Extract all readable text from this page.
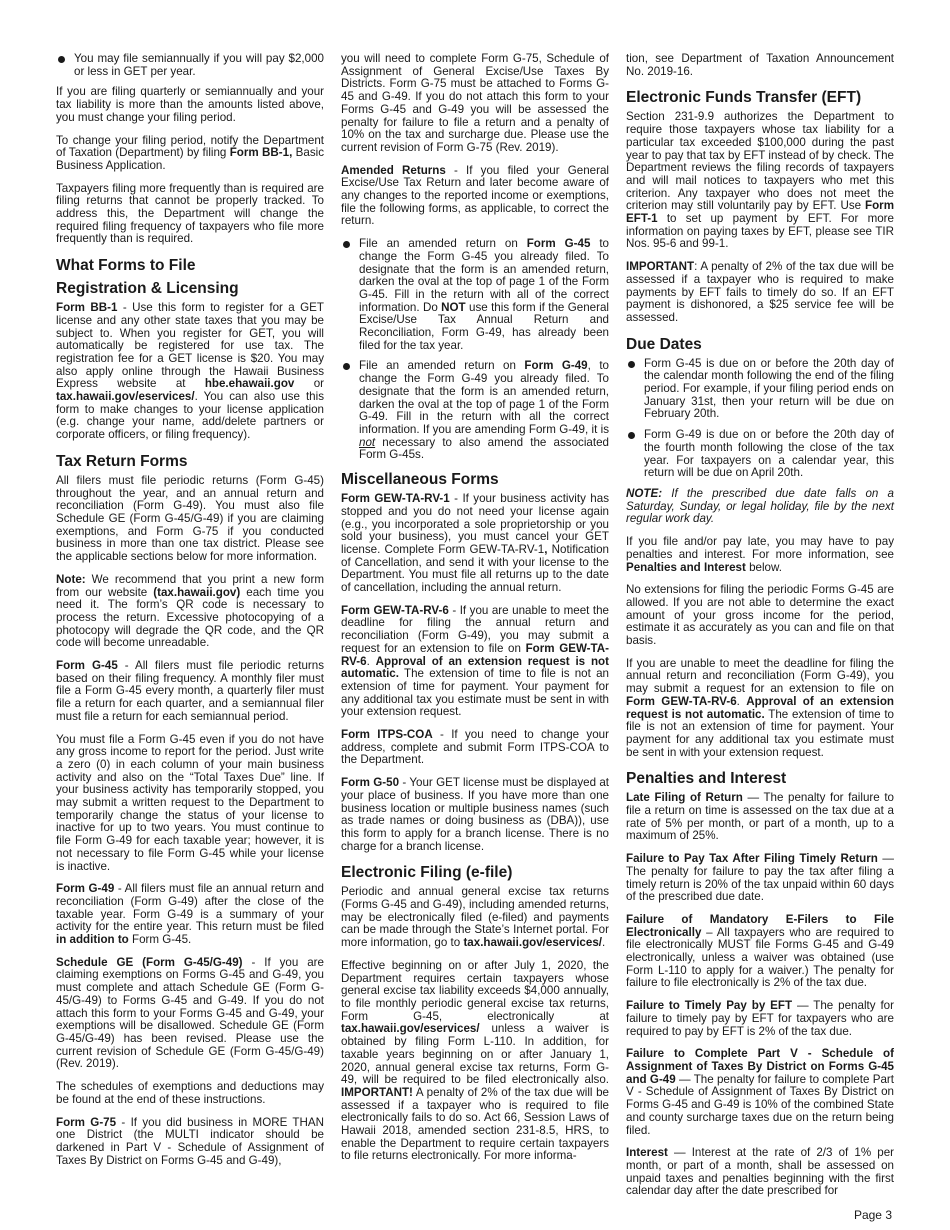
You may file semiannually if you will pay $2,000 or less in GET per year.

If you are filing quarterly or semiannually and your tax liability is more than the amounts listed above, you must change your filing period.

To change your filing period, notify the Department of Taxation (Department) by filing Form BB-1, Basic Business Application.

Taxpayers filing more frequently than is required are filing returns that cannot be properly tracked. To address this, the Department will change the required filing frequency of taxpayers who file more frequently than is required.

What Forms to File
Registration & Licensing

Form BB-1 - Use this form to register for a GET license and any other state taxes that you may be subject to. When you register for GET, you will automatically be registered for use tax. The registration fee for a GET license is $20. You may also apply online through the Hawaii Business Express website at hbe.ehawaii.gov or tax.hawaii.gov/eservices/. You can also use this form to make changes to your license application (e.g. change your name, add/delete partners or corporate officers, or filing frequency).

Tax Return Forms

All filers must file periodic returns (Form G-45) throughout the year, and an annual return and reconciliation (Form G-49). You must also file Schedule GE (Form G-45/G-49) if you are claiming exemptions, and Form G-75 if you conducted business in more than one tax district. Please see the applicable sections below for more information.

Note: We recommend that you print a new form from our website (tax.hawaii.gov) each time you need it. The form’s QR code is necessary to process the return. Excessive photocopying of a photocopy will degrade the QR code, and the QR code will become unreadable.

Form G-45 - All filers must file periodic returns based on their filing frequency. A monthly filer must file a Form G-45 every month, a quarterly filer must file a return for each quarter, and a semiannual filer must file a return for each semiannual period.

You must file a Form G-45 even if you do not have any gross income to report for the period. Just write a zero (0) in each column of your main business activity and also on the “Total Taxes Due” line. If your business activity has temporarily stopped, you may submit a written request to the Department to temporarily change the status of your license to inactive for up to two years. You must continue to file Form G-49 for each taxable year; however, it is not necessary to file Form G-45 while your license is inactive.

Form G-49 - All filers must file an annual return and reconciliation (Form G-49) after the close of the taxable year. Form G-49 is a summary of your activity for the entire year. This return must be filed in addition to Form G-45.

Schedule GE (Form G-45/G-49) - If you are claiming exemptions on Forms G-45 and G-49, you must complete and attach Schedule GE (Form G-45/G-49) to Forms G-45 and G-49. If you do not attach this form to your Forms G-45 and G-49, your exemptions will be disallowed. Schedule GE (Form G-45/G-49) has been revised. Please use the current revision of Schedule GE (Form G-45/G-49) (Rev. 2019).

The schedules of exemptions and deductions may be found at the end of these instructions.

Form G-75 - If you did business in MORE THAN one District (the MULTI indicator should be darkened in Part V - Schedule of Assignment of Taxes By District on Forms G-45 and G-49),

you will need to complete Form G-75, Schedule of Assignment of General Excise/Use Taxes By Districts. Form G-75 must be attached to Forms G-45 and G-49. If you do not attach this form to your Forms G-45 and G-49 you will be assessed the penalty for failure to file a return and a penalty of 10% on the tax and surcharge due. Please use the current revision of Form G-75 (Rev. 2019).

Amended Returns - If you filed your General Excise/Use Tax Return and later become aware of any changes to the reported income or exemptions, file the following forms, as applicable, to correct the return.

File an amended return on Form G-45 to change the Form G-45 you already filed. To designate that the form is an amended return, darken the oval at the top of page 1 of the Form G-45. Fill in the return with all of the correct information. Do NOT use this form if the General Excise/Use Tax Annual Return and Reconciliation, Form G-49, has already been filed for the tax year.
File an amended return on Form G-49, to change the Form G-49 you already filed. To designate that the form is an amended return, darken the oval at the top of page 1 of the Form G-49. Fill in the return with all the correct information. If you are amending Form G-49, it is not necessary to also amend the associated Form G-45s.
Miscellaneous Forms

Form GEW-TA-RV-1 - If your business activity has stopped and you do not need your license again (e.g., you incorporated a sole proprietorship or you sold your business), you must cancel your GET license. Complete Form GEW-TA-RV-1, Notification of Cancellation, and send it with your license to the Department. You must file all returns up to the date of cancellation, including the annual return.

Form GEW-TA-RV-6 - If you are unable to meet the deadline for filing the annual return and reconciliation (Form G-49), you may submit a request for an extension to file on Form GEW-TA-RV-6. Approval of an extension request is not automatic. The extension of time to file is not an extension of time for payment. Your payment for any additional tax you estimate must be sent in with your extension request.

Form ITPS-COA - If you need to change your address, complete and submit Form ITPS-COA to the Department.

Form G-50 - Your GET license must be displayed at your place of business. If you have more than one business location or multiple business names (such as trade names or doing business as (DBA)), use this form to apply for a branch license. There is no charge for a branch license.

Electronic Filing (e-file)

Periodic and annual general excise tax returns (Forms G-45 and G-49), including amended returns, may be electronically filed (e-filed) and payments can be made through the State’s Internet portal. For more information, go to tax.hawaii.gov/eservices/.

Effective beginning on or after July 1, 2020, the Department requires certain taxpayers whose general excise tax liability exceeds $4,000 annually, to file monthly periodic general excise tax returns, Form G-45, electronically at tax.hawaii.gov/eservices/ unless a waiver is obtained by filing Form L-110. In addition, for taxable years beginning on or after January 1, 2020, annual general excise tax returns, Form G-49, will be required to be filed electronically also. IMPORTANT! A penalty of 2% of the tax due will be assessed if a taxpayer who is required to file electronically fails to do so. Act 66, Session Laws of Hawaii 2018, amended section 231-8.5, HRS, to enable the Department to require certain taxpayers to file returns electronically. For more informa-

tion, see Department of Taxation Announcement No. 2019-16.

Electronic Funds Transfer (EFT)

Section 231-9.9 authorizes the Department to require those taxpayers whose tax liability for a particular tax exceeded $100,000 during the past year to pay that tax by EFT instead of by check. The Department reviews the filing records of taxpayers and will mail notices to taxpayers who met this criterion. Any taxpayer who does not meet the criterion may still voluntarily pay by EFT. Use Form EFT-1 to set up payment by EFT. For more information on paying taxes by EFT, please see TIR Nos. 95-6 and 99-1.

IMPORTANT: A penalty of 2% of the tax due will be assessed if a taxpayer who is required to make payments by EFT fails to timely do so. If an EFT payment is dishonored, a $25 service fee will be assessed.

Due Dates
Form G-45 is due on or before the 20th day of the calendar month following the end of the filing period. For example, if your filing period ends on January 31st, then your return will be due on February 20th.
Form G-49 is due on or before the 20th day of the fourth month following the close of the tax year. For taxpayers on a calendar year, this return will be due on April 20th.

NOTE: If the prescribed due date falls on a Saturday, Sunday, or legal holiday, file by the next regular work day.

If you file and/or pay late, you may have to pay penalties and interest. For more information, see Penalties and Interest below.

No extensions for filing the periodic Forms G-45 are allowed. If you are not able to determine the exact amount of your gross income for the period, estimate it as accurately as you can and file on that basis.

If you are unable to meet the deadline for filing the annual return and reconciliation (Form G-49), you may submit a request for an extension to file on Form GEW-TA-RV-6. Approval of an extension request is not automatic. The extension of time to file is not an extension of time for payment. Your payment for any additional tax you estimate must be sent in with your extension request.

Penalties and Interest

Late Filing of Return — The penalty for failure to file a return on time is assessed on the tax due at a rate of 5% per month, or part of a month, up to a maximum of 25%.

Failure to Pay Tax After Filing Timely Return — The penalty for failure to pay the tax after filing a timely return is 20% of the tax unpaid within 60 days of the prescribed due date.

Failure of Mandatory E-Filers to File Electronically – All taxpayers who are required to file electronically MUST file Forms G-45 and G-49 electronically, unless a waiver was obtained (use Form L-110 to apply for a waiver.) The penalty for failure to file electronically is 2% of the tax due.

Failure to Timely Pay by EFT — The penalty for failure to timely pay by EFT for taxpayers who are required to pay by EFT is 2% of the tax due.

Failure to Complete Part V - Schedule of Assignment of Taxes By District on Forms G-45 and G-49 — The penalty for failure to complete Part V - Schedule of Assignment of Taxes By District on Forms G-45 and G-49 is 10% of the combined State and county surcharge taxes due on the return being filed.

Interest — Interest at the rate of 2/3 of 1% per month, or part of a month, shall be assessed on unpaid taxes and penalties beginning with the first calendar day after the date prescribed for

Page 3
